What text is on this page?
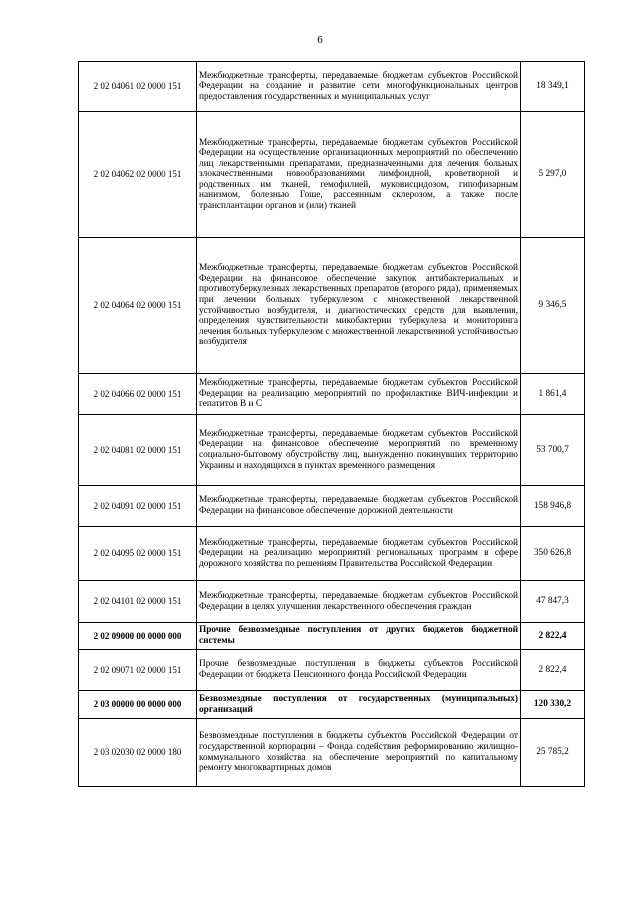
6
2 02 04061 02 0000 151	Межбюджетные трансферты, передаваемые бюджетам субъектов Российской Федерации на создание и развитие сети многофункциональных центров предоставления государственных и муниципальных услуг	18 349,1
2 02 04062 02 0000 151	Межбюджетные трансферты, передаваемые бюджетам субъектов Российской Федерации на осуществление организационных мероприятий по обеспечению лиц лекарственными препаратами, предназначенными для лечения больных злокачественными новообразованиями лимфоидной, кроветворной и родственных им тканей, гемофилией, муковисцидозом, гипофизарным нанизмом, болезнью Гоше, рассеянным склерозом, а также после трансплантации органов и (или) тканей	5 297,0
2 02 04064 02 0000 151	Межбюджетные трансферты, передаваемые бюджетам субъектов Российской Федерации на финансовое обеспечение закупок антибактериальных и противотуберкулезных лекарственных препаратов (второго ряда), применяемых при лечении больных туберкулезом с множественной лекарственной устойчивостью возбудителя, и диагностических средств для выявления, определения чувствительности микобактерии туберкулеза и мониторинга лечения больных туберкулезом с множественной лекарственной устойчивостью возбудителя	9 346,5
2 02 04066 02 0000 151	Межбюджетные трансферты, передаваемые бюджетам субъектов Российской Федерации на реализацию мероприятий по профилактике ВИЧ-инфекции и гепатитов В и С	1 861,4
2 02 04081 02 0000 151	Межбюджетные трансферты, передаваемые бюджетам субъектов Российской Федерации на финансовое обеспечение мероприятий по временному социально-бытовому обустройству лиц, вынужденно покинувших территорию Украины и находящихся в пунктах временного размещения	53 700,7
2 02 04091 02 0000 151	Межбюджетные трансферты, передаваемые бюджетам субъектов Российской Федерации на финансовое обеспечение дорожной деятельности	158 946,8
2 02 04095 02 0000 151	Межбюджетные трансферты, передаваемые бюджетам субъектов Российской Федерации на реализацию мероприятий региональных программ в сфере дорожного хозяйства по решениям Правительства Российской Федерации	350 626,8
2 02 04101 02 0000 151	Межбюджетные трансферты, передаваемые бюджетам субъектов Российской Федерации в целях улучшения лекарственного обеспечения граждан	47 847,3
2 02 09000 00 0000 000	Прочие безвозмездные поступления от других бюджетов бюджетной системы	2 822,4
2 02 09071 02 0000 151	Прочие безвозмездные поступления в бюджеты субъектов Российской Федерации от бюджета Пенсионного фонда Российской Федерации	2 822,4
2 03 00000 00 0000 000	Безвозмездные поступления от государственных (муниципальных) организаций	120 330,2
2 03 02030 02 0000 180	Безвозмездные поступления в бюджеты субъектов Российской Федерации от государственной корпорации – Фонда содействия реформированию жилищно-коммунального хозяйства на обеспечение мероприятий по капитальному ремонту многоквартирных домов	25 785,2
